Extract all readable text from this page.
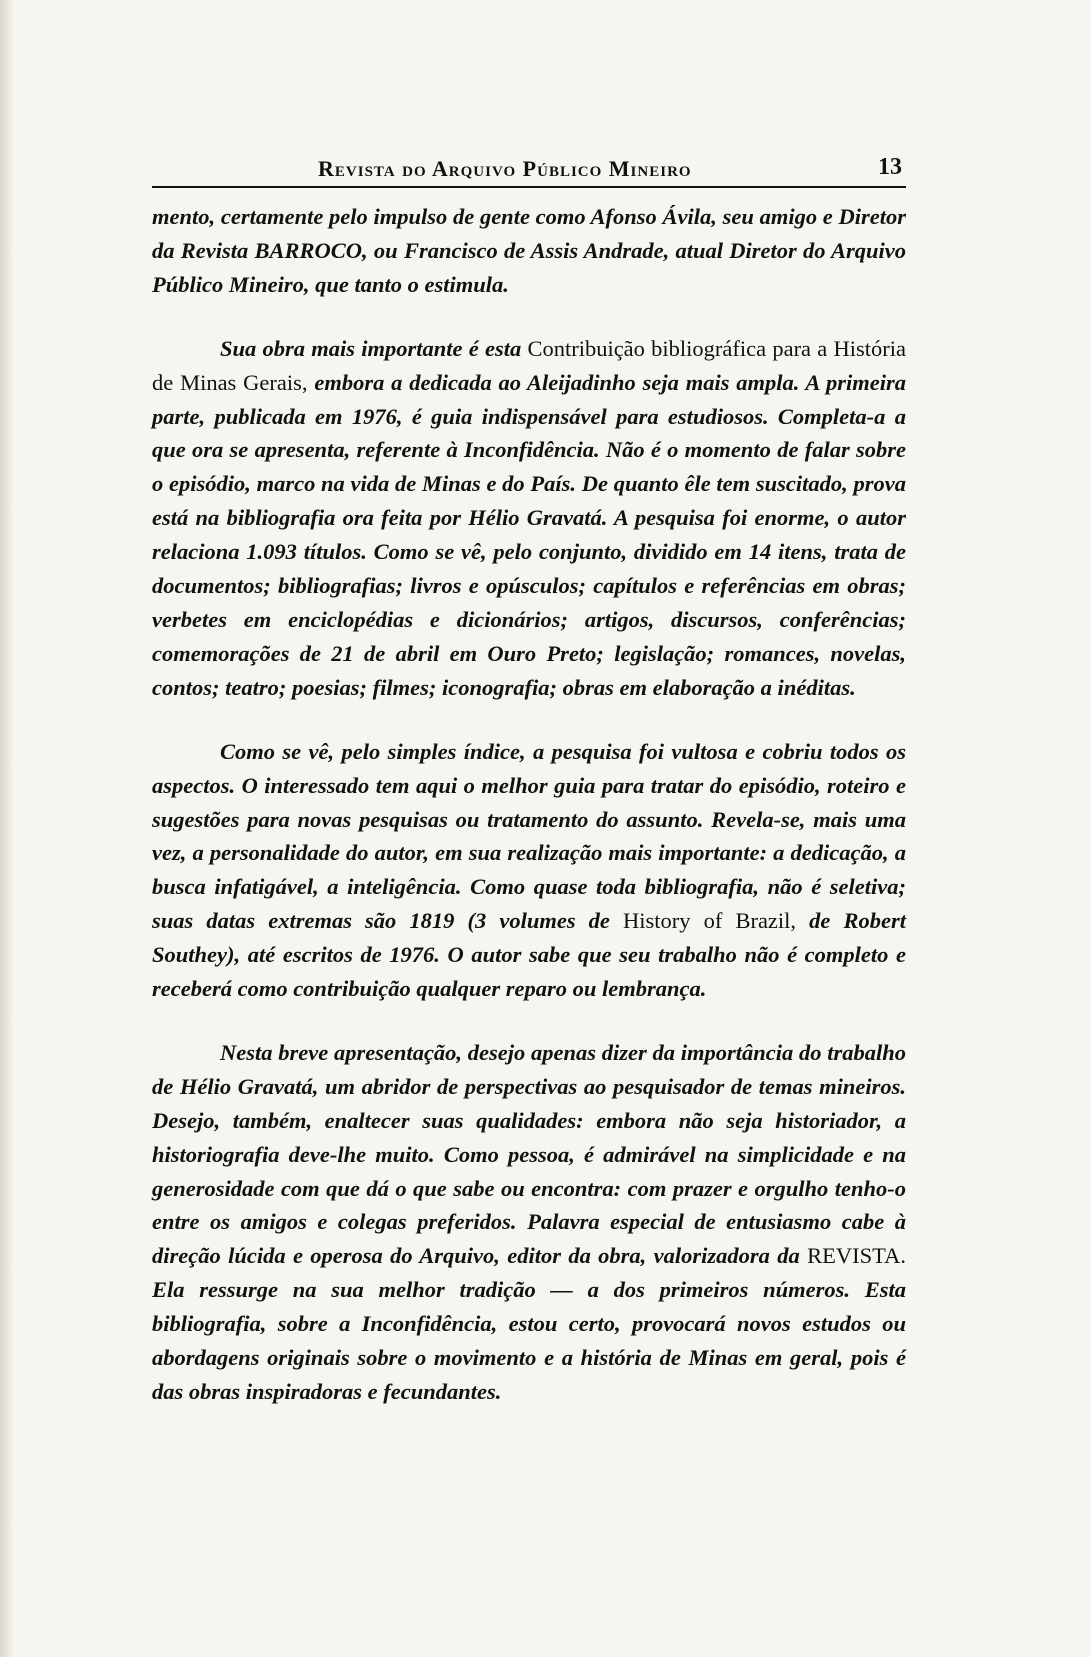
Revista do Arquivo Público Mineiro	13

mento, certamente pelo impulso de gente como Afonso Ávila, seu amigo e Diretor da Revista BARROCO, ou Francisco de Assis Andrade, atual Diretor do Arquivo Público Mineiro, que tanto o estimula.

Sua obra mais importante é esta Contribuição bibliográfica para a História de Minas Gerais, embora a dedicada ao Aleijadinho seja mais ampla. A primeira parte, publicada em 1976, é guia indispensável para estudiosos. Completa-a a que ora se apresenta, referente à Inconfidência. Não é o momento de falar sobre o episódio, marco na vida de Minas e do País. De quanto êle tem suscitado, prova está na bibliografia ora feita por Hélio Gravatá. A pesquisa foi enorme, o autor relaciona 1.093 títulos. Como se vê, pelo conjunto, dividido em 14 itens, trata de documentos; bibliografias; livros e opúsculos; capítulos e referências em obras; verbetes em enciclopédias e dicionários; artigos, discursos, conferências; comemorações de 21 de abril em Ouro Preto; legislação; romances, novelas, contos; teatro; poesias; filmes; iconografia; obras em elaboração a inéditas.

Como se vê, pelo simples índice, a pesquisa foi vultosa e cobriu todos os aspectos. O interessado tem aqui o melhor guia para tratar do episódio, roteiro e sugestões para novas pesquisas ou tratamento do assunto. Revela-se, mais uma vez, a personalidade do autor, em sua realização mais importante: a dedicação, a busca infatigável, a inteligência. Como quase toda bibliografia, não é seletiva; suas datas extremas são 1819 (3 volumes de History of Brazil, de Robert Southey), até escritos de 1976. O autor sabe que seu trabalho não é completo e receberá como contribuição qualquer reparo ou lembrança.

Nesta breve apresentação, desejo apenas dizer da importância do trabalho de Hélio Gravatá, um abridor de perspectivas ao pesquisador de temas mineiros. Desejo, também, enaltecer suas qualidades: embora não seja historiador, a historiografia deve-lhe muito. Como pessoa, é admirável na simplicidade e na generosidade com que dá o que sabe ou encontra: com prazer e orgulho tenho-o entre os amigos e colegas preferidos. Palavra especial de entusiasmo cabe à direção lúcida e operosa do Arquivo, editor da obra, valorizadora da REVISTA. Ela ressurge na sua melhor tradição — a dos primeiros números. Esta bibliografia, sobre a Inconfidência, estou certo, provocará novos estudos ou abordagens originais sobre o movimento e a história de Minas em geral, pois é das obras inspiradoras e fecundantes.
